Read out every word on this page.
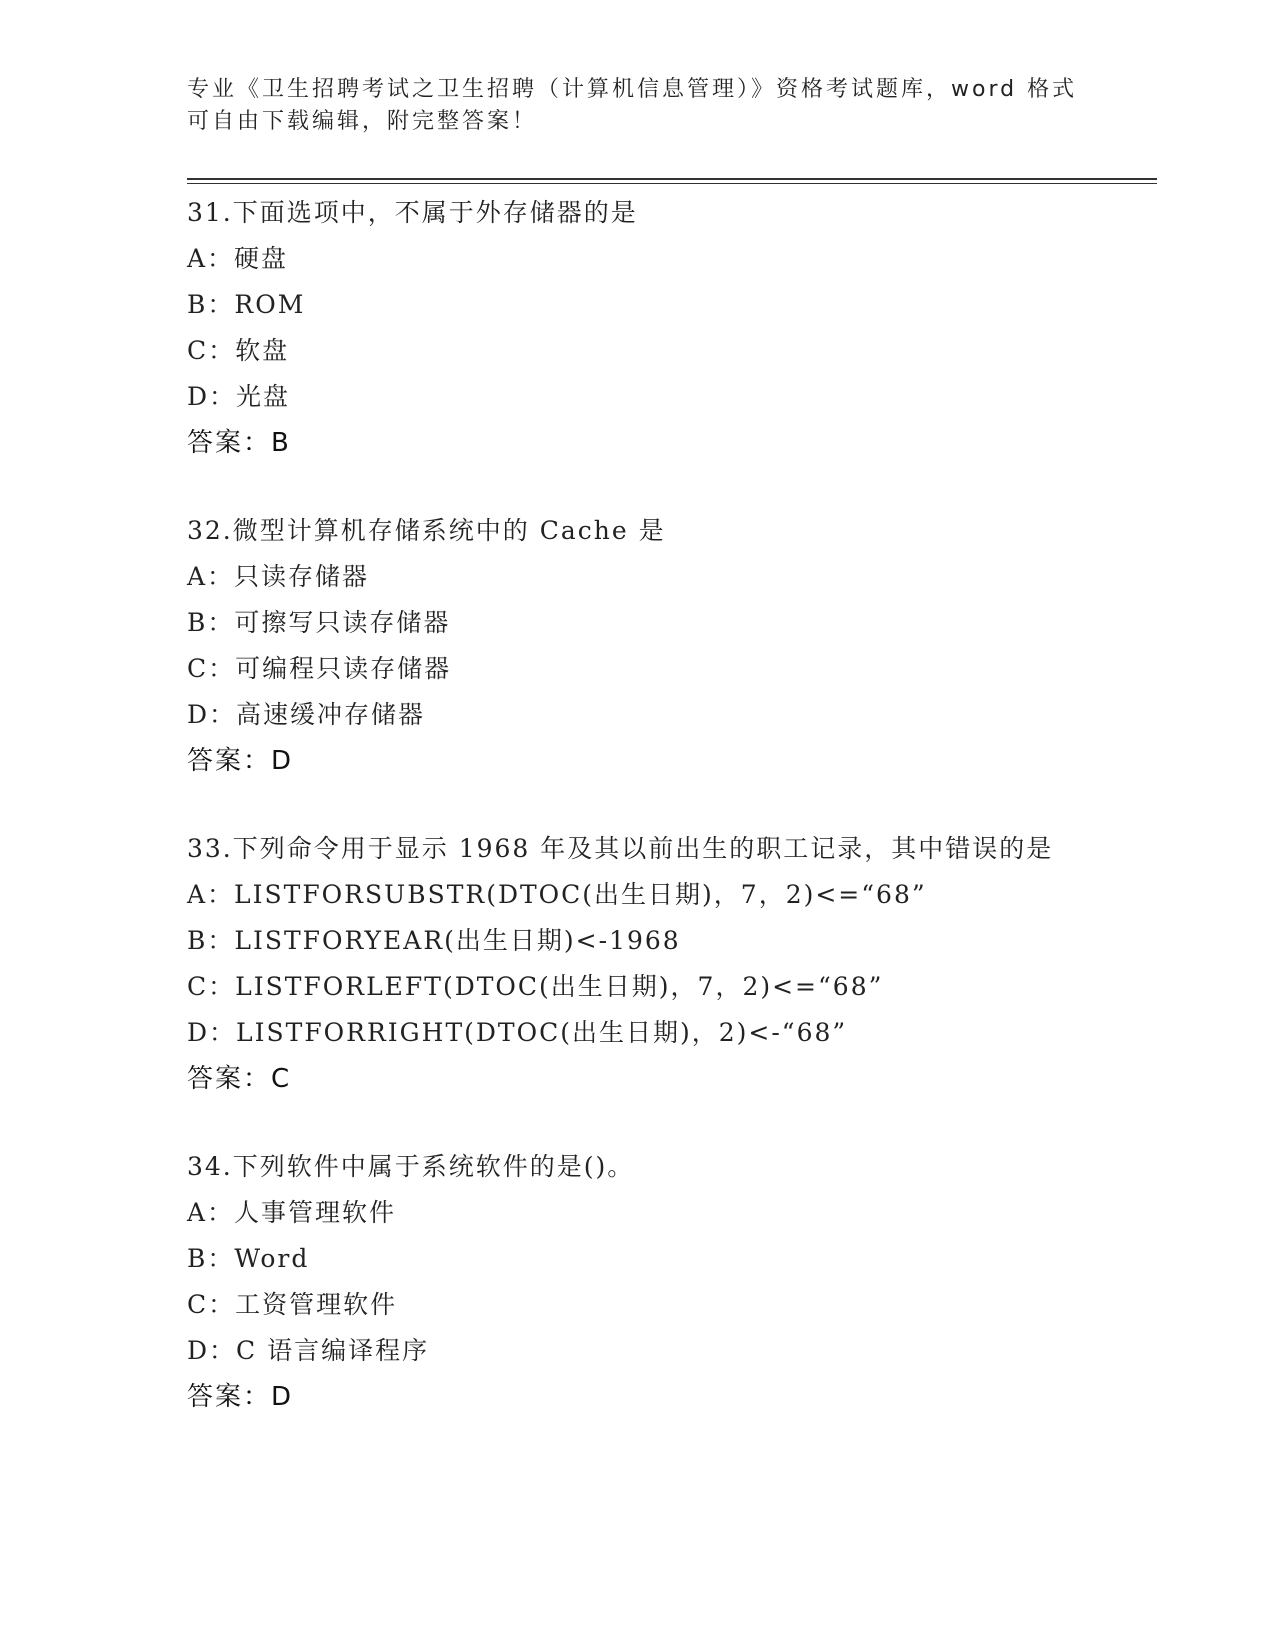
专业《卫生招聘考试之卫生招聘（计算机信息管理）》资格考试题库，word 格式
可自由下载编辑，附完整答案！
31.下面选项中，不属于外存储器的是
A：硬盘
B：ROM
C：软盘
D：光盘
答案：B
32.微型计算机存储系统中的 Cache 是
A：只读存储器
B：可擦写只读存储器
C：可编程只读存储器
D：高速缓冲存储器
答案：D
33.下列命令用于显示 1968 年及其以前出生的职工记录，其中错误的是
A：LISTFORSUBSTR(DTOC(出生日期)，7，2)<=“68”
B：LISTFORYEAR(出生日期)<-1968
C：LISTFORLEFT(DTOC(出生日期)，7，2)<=“68”
D：LISTFORRIGHT(DTOC(出生日期)，2)<-“68”
答案：C
34.下列软件中属于系统软件的是()。
A：人事管理软件
B：Word
C：工资管理软件
D：C 语言编译程序
答案：D
